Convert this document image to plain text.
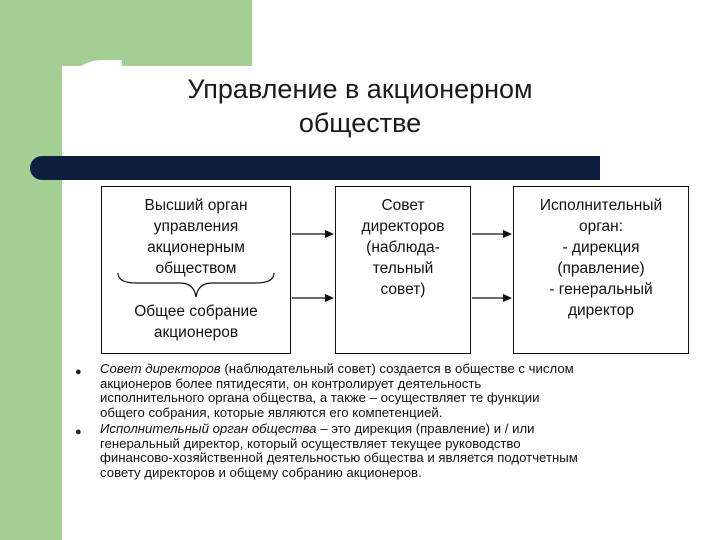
Управление в акционерном
обществе
Высший орган
управления
акционерным
обществом
Общее собрание
акционеров
Совет
директоров
(наблюда-
тельный
совет)
Исполнительный
орган:
- дирекция
(правление)
- генеральный
директор
● Совет директоров (наблюдательный совет) создается в обществе с числом
акционеров более пятидесяти, он контролирует деятельность
исполнительного органа общества, а также – осуществляет те функции
общего собрания, которые являются его компетенцией.
● Исполнительный орган общества – это дирекция (правление) и / или
генеральный директор, который осуществляет текущее руководство
финансово-хозяйственной деятельностью общества и является подотчетным
совету директоров и общему собранию акционеров.
